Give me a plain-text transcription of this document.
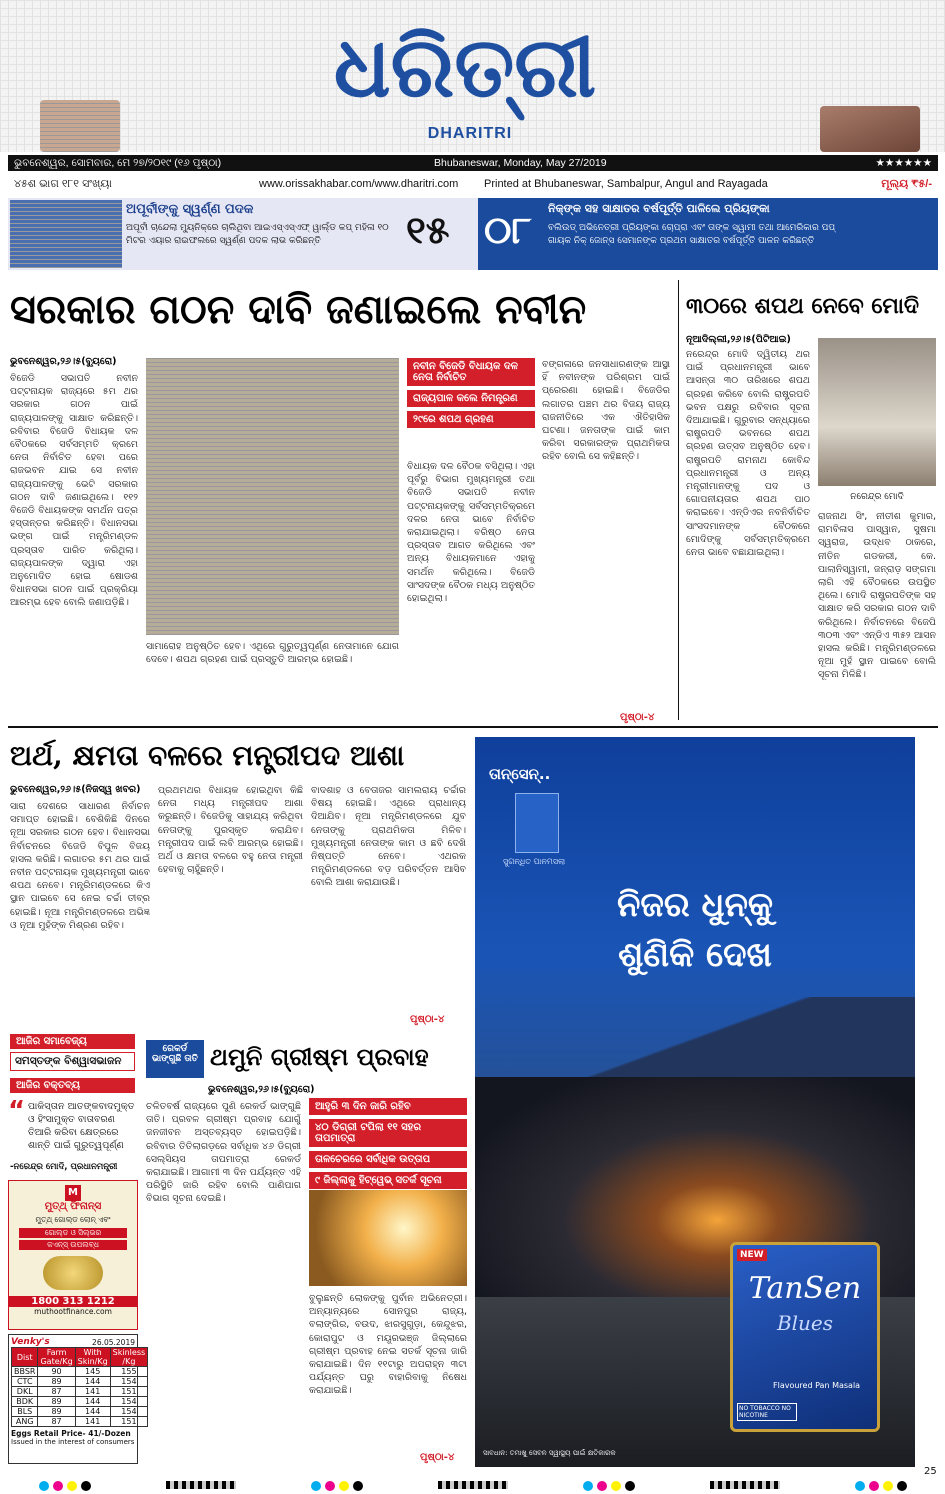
ଧରିତ୍ରୀ
DHARITRI
ଭୁବନେଶ୍ୱର, ସୋମବାର, ମେ ୨୭/୨୦୧୯ (୧୬ ପୃଷ୍ଠା)	Bhubaneswar, Monday, May 27/2019	★★★★★★
୪୫ଶ ଭାଗ ୧୮୧ ସଂଖ୍ୟା	www.orissakhabar.com/www.dharitri.com	Printed at Bhubaneswar, Sambalpur, Angul and Rayagada	ମୂଲ୍ୟ ₹୫/-
ଅପୂର୍ବୀଙ୍କୁ ସ୍ୱର୍ଣ୍ଣ ପଦକ
ଅପୂର୍ବୀ ଚାନ୍ଦେଲା ମ୍ୟୁନିକ୍‌ରେ ଚାଲିଥିବା ଆଇଏସ୍‌ଏସ୍‌ଏଫ୍ ୱାର୍ଲ୍ଡ କପ୍ ମହିଳା ୧୦ ମିଟର ଏୟାର ରାଇଫଲରେ ସ୍ୱର୍ଣ୍ଣ ପଦକ ଲାଭ କରିଛନ୍ତି	୧୫ ୦୮	ନିକ୍‌ଙ୍କ ସହ ସାକ୍ଷାତର ବର୍ଷପୂର୍ତ୍ତି ପାଳିଲେ ପ୍ରିୟଙ୍କା
ବଲିଉଡ୍ ଅଭିନେତ୍ରୀ ପ୍ରିୟଙ୍କା ଚୋପ୍ରା ଏବଂ ତାଙ୍କ ସ୍ୱାମୀ ତଥା ଆମେରିକାର ପପ୍ ଗାୟକ ନିକ୍ ଜୋନ୍ସ ସେମାନଙ୍କ ପ୍ରଥମ ସାକ୍ଷାତର ବର୍ଷପୂର୍ତ୍ତି ପାଳନ କରିଛନ୍ତି
ସରକାର ଗଠନ ଦାବି ଜଣାଇଲେ ନବୀନ
ଭୁବନେଶ୍ୱର,୨୬।୫(ବ୍ୟୁରୋ)
ବିଜେଡି ସଭାପତି ନବୀନ ପଟ୍ଟନାୟକ ରାଜ୍ୟରେ ୫ମ ଥର ସରକାର ଗଠନ ପାଇଁ ରାଜ୍ୟପାଳଙ୍କୁ ସାକ୍ଷାତ କରିଛନ୍ତି। ରବିବାର ବିଜେଡି ବିଧାୟକ ଦଳ ବୈଠକରେ ସର୍ବସମ୍ମତି କ୍ରମେ ନେତା ନିର୍ବାଚିତ ହେବା ପରେ ରାଜଭବନ ଯାଇ ସେ ନବୀନ ରାଜ୍ୟପାଳଙ୍କୁ ଭେଟି ସରକାର ଗଠନ ଦାବି ଜଣାଇଥିଲେ। ୧୧୨ ବିଜେଡି ବିଧାୟକଙ୍କ ସମର୍ଥନ ପତ୍ର ହସ୍ତାନ୍ତର କରିଛନ୍ତି। ବିଧାନସଭା ଭଙ୍ଗ ପାଇଁ ମନ୍ତ୍ରିମଣ୍ଡଳ ପ୍ରସ୍ତାବ ପାରିତ କରିଥିଲା। ରାଜ୍ୟପାଳଙ୍କ ଦ୍ୱାରା ଏହା ଅନୁମୋଦିତ ହୋଇ ଷୋଡଶ ବିଧାନସଭା ଗଠନ ପାଇଁ ପ୍ରକ୍ରିୟା ଆରମ୍ଭ ହେବ ବୋଲି ଜଣାପଡ଼ିଛି।
ନବୀନ ବିଜେଡି ବିଧାୟକ ଦଳ ନେତା ନିର୍ବାଚିତ
ରାଜ୍ୟପାଳ କଲେ ନିମନ୍ତ୍ରଣ
୨୯ରେ ଶପଥ ଗ୍ରହଣ
ବିଧାୟକ ଦଳ ବୈଠକ ବସିଥିଲା। ଏହା ପୂର୍ବରୁ ବିଭାଗ ମୁଖ୍ୟମନ୍ତ୍ରୀ ତଥା ବିଜେଡି ସଭାପତି ନବୀନ ପଟ୍ଟନାୟକଙ୍କୁ ସର୍ବସମ୍ମତିକ୍ରମେ ଦଳର ନେତା ଭାବେ ନିର୍ବାଚିତ କରାଯାଇଥିଲା। ବରିଷ୍ଠ ନେତା ପ୍ରସ୍ତାବ ଆଗତ କରିଥିଲେ ଏବଂ ଅନ୍ୟ ବିଧାୟକମାନେ ଏହାକୁ ସମର୍ଥନ କରିଥିଲେ। ବିଜେଡି ସାଂସଦଙ୍କ ବୈଠକ ମଧ୍ୟ ଅନୁଷ୍ଠିତ ହୋଇଥିଲା।
ସାମାରୋହ ଅନୁଷ୍ଠିତ ହେବ। ଏଥିରେ ଗୁରୁତ୍ୱପୂର୍ଣ୍ଣ ନେତାମାନେ ଯୋଗ ଦେବେ। ଶପଥ ଗ୍ରହଣ ପାଇଁ ପ୍ରସ୍ତୁତି ଆରମ୍ଭ ହୋଇଛି।
ବଙ୍ଗଳାରେ ଜନସାଧାରଣଙ୍କ ଆସ୍ଥା ହିଁ ନବୀନଙ୍କ ପରିଶ୍ରମ ପାଇଁ ପ୍ରେରଣା ହୋଇଛି। ବିଜେଡିର ଲଗାତର ପଞ୍ଚମ ଥର ବିଜୟ ରାଜ୍ୟ ରାଜନୀତିରେ ଏକ ଐତିହାସିକ ଘଟଣା। ଜନତାଙ୍କ ପାଇଁ କାମ କରିବା ସରକାରଙ୍କ ପ୍ରାଥମିକତା ରହିବ ବୋଲି ସେ କହିଛନ୍ତି।
ପୃଷ୍ଠା-୪
୩୦ରେ ଶପଥ ନେବେ ମୋଦି
ନୂଆଦିଲ୍ଲୀ,୨୬।୫(ପିଟିଆଇ)
ନରେନ୍ଦ୍ର ମୋଦି ଦ୍ୱିତୀୟ ଥର ପାଇଁ ପ୍ରଧାନମନ୍ତ୍ରୀ ଭାବେ ଆସନ୍ତା ୩୦ ତାରିଖରେ ଶପଥ ଗ୍ରହଣ କରିବେ ବୋଲି ରାଷ୍ଟ୍ରପତି ଭବନ ପକ୍ଷରୁ ରବିବାର ସୂଚନା ଦିଆଯାଇଛି। ଗୁରୁବାର ସନ୍ଧ୍ୟାରେ ରାଷ୍ଟ୍ରପତି ଭବନରେ ଶପଥ ଗ୍ରହଣ ଉତ୍ସବ ଅନୁଷ୍ଠିତ ହେବ। ରାଷ୍ଟ୍ରପତି ରାମନାଥ କୋବିନ୍ଦ ପ୍ରଧାନମନ୍ତ୍ରୀ ଓ ଅନ୍ୟ ମନ୍ତ୍ରୀମାନଙ୍କୁ ପଦ ଓ ଗୋପନୀୟତାର ଶପଥ ପାଠ କରାଇବେ। ଏନ୍‌ଡିଏର ନବନିର୍ବାଚିତ ସାଂସଦମାନଙ୍କ ବୈଠକରେ ମୋଦିଙ୍କୁ ସର୍ବସମ୍ମତିକ୍ରମେ ନେତା ଭାବେ ବଛାଯାଇଥିଲା।
ନରେନ୍ଦ୍ର ମୋଦି
ରାଜନାଥ ସିଂ, ନୀତୀଶ କୁମାର, ରାମବିଳାସ ପାସ୍‌ୱାନ, ସୁଷମା ସ୍ୱରାଜ, ଉଦ୍ଧବ ଠାକରେ, ନୀତିନ ଗଡକରୀ, କେ. ପାଲାନିସ୍ୱାମୀ, ଜନ୍‌ରାଡ଼ ସଙ୍ଗମା ଲାଗି ଏହି ବୈଠକରେ ଉପସ୍ଥିତ ଥିଲେ। ମୋଦି ରାଷ୍ଟ୍ରପତିଙ୍କ ସହ ସାକ୍ଷାତ କରି ସରକାର ଗଠନ ଦାବି କରିଥିଲେ। ନିର୍ବାଚନରେ ବିଜେପି ୩୦୩ ଏବଂ ଏନ୍‌ଡିଏ ୩୫୨ ଆସନ ହାସଲ କରିଛି। ମନ୍ତ୍ରିମଣ୍ଡଳରେ ନୂଆ ମୁହଁ ସ୍ଥାନ ପାଇବେ ବୋଲି ସୂଚନା ମିଳିଛି।
ଅର୍ଥ, କ୍ଷମତା ବଳରେ ମନ୍ତ୍ରୀପଦ ଆଶା
ଭୁବନେଶ୍ୱର,୨୬।୫(ନିଜସ୍ୱ ଖବର)
ସାରା ଦେଶରେ ସାଧାରଣ ନିର୍ବାଚନ ସମାପ୍ତ ହୋଇଛି। ବେଶିକିଛି ଦିନରେ ନୂଆ ସରକାର ଗଠନ ହେବ। ବିଧାନସଭା ନିର୍ବାଚନରେ ବିଜେଡି ବିପୁଳ ବିଜୟ ହାସଲ କରିଛି। ଲଗାତର ୫ମ ଥର ପାଇଁ ନବୀନ ପଟ୍ଟନାୟକ ମୁଖ୍ୟମନ୍ତ୍ରୀ ଭାବେ ଶପଥ ନେବେ। ମନ୍ତ୍ରିମଣ୍ଡଳରେ କିଏ ସ୍ଥାନ ପାଇବେ ସେ ନେଇ ଚର୍ଚ୍ଚା ତୀବ୍ର ହୋଇଛି। ନୂଆ ମନ୍ତ୍ରିମଣ୍ଡଳରେ ଅଭିଜ୍ଞ ଓ ନୂଆ ମୁହଁଙ୍କ ମିଶ୍ରଣ ରହିବ।
ପ୍ରଥମଥର ବିଧାୟକ ହୋଇଥିବା କିଛି ନେତା ମଧ୍ୟ ମନ୍ତ୍ରୀପଦ ଆଶା କରୁଛନ୍ତି। ବିଜେଡିକୁ ସାହାଯ୍ୟ କରିଥିବା ନେତାଙ୍କୁ ପୁରସ୍କୃତ କରାଯିବ। ମନ୍ତ୍ରୀପଦ ପାଇଁ ଲବି ଆରମ୍ଭ ହୋଇଛି। ଅର୍ଥ ଓ କ୍ଷମତା ବଳରେ ବହୁ ନେତା ମନ୍ତ୍ରୀ ହେବାକୁ ଚାହୁଁଛନ୍ତି।
ବାଦଶାହ ଓ ବେତାଜର ସାମଲରାୟ ଚର୍ଚ୍ଚାର ବିଷୟ ହୋଇଛି। ଏଥିରେ ପ୍ରାଧାନ୍ୟ ଦିଆଯିବ। ନୂଆ ମନ୍ତ୍ରିମଣ୍ଡଳରେ ଯୁବ ନେତାଙ୍କୁ ପ୍ରାଥମିକତା ମିଳିବ। ମୁଖ୍ୟମନ୍ତ୍ରୀ ନେତାଙ୍କ କାମ ଓ ଛବି ଦେଖି ନିଷ୍ପତ୍ତି ନେବେ। ଏଥରକ ମନ୍ତ୍ରିମଣ୍ଡଳରେ ବଡ଼ ପରିବର୍ତ୍ତନ ଆସିବ ବୋଲି ଆଶା କରାଯାଉଛି।
ପୃଷ୍ଠା-୪
ଆଜିର ସମାବେଜ୍ୟ
ସମସ୍ତଙ୍କ ବିଶ୍ୱାସଭାଜନ
ଆଜିର ବକ୍ତବ୍ୟ
“ ପାକିସ୍ତାନ ଆତଙ୍କବାଦମୁକ୍ତ ଓ ହିଂସାମୁକ୍ତ ବାତାବରଣ ତିଆରି କରିବା କ୍ଷେତ୍ରରେ ଶାନ୍ତି ପାଇଁ ଗୁରୁତ୍ୱପୂର୍ଣ୍ଣ
-ନରେନ୍ଦ୍ର ମୋଦି, ପ୍ରଧାନମନ୍ତ୍ରୀ
M
ମୁତ୍‌ଥ୍‌ ଫିନାନ୍ସ
ମୁତ୍‌ଥ୍‌ ଗୋଲ୍ଡ ଲୋନ୍ ଏବଂ
ଗୋଲ୍ଡ ଓ ସିଲ୍‌ଭର
କଏନ୍‌ସ୍ ଉପଲବ୍ଧ
1800 313 1212
muthootfinance.com
Venky's	26.05.2019
Dist	Farm Gate/Kg	With Skin/Kg	Skinless /Kg
BBSR	90	145	155
CTC	89	144	154
DKL	87	141	151
BDK	89	144	154
BLS	89	144	154
ANG	87	141	151
Eggs Retail Price- 41/-Dozen
Issued in the interest of consumers
ରେକର୍ଡ
ଭାଙ୍ଗୁଛି ତାତି ଥମୁନି ଗ୍ରୀଷ୍ମ ପ୍ରବାହ
ଭୁବନେଶ୍ୱର,୨୬।୫(ବ୍ୟୁରୋ)
ଚଳିତବର୍ଷ ରାଜ୍ୟରେ ପୁଣି ରେକର୍ଡ ଭାଙ୍ଗୁଛି ତାତି। ପ୍ରବଳ ଗ୍ରୀଷ୍ମ ପ୍ରବାହ ଯୋଗୁଁ ଜନଜୀବନ ଅସ୍ତବ୍ୟସ୍ତ ହୋଇପଡ଼ିଛି। ରବିବାର ତିତିଲାଗଡ଼ରେ ସର୍ବାଧିକ ୪୬ ଡିଗ୍ରୀ ସେଲ୍‌ସିୟସ ତାପମାତ୍ରା ରେକର୍ଡ କରାଯାଇଛି। ଆଗାମୀ ୩ ଦିନ ପର୍ଯ୍ୟନ୍ତ ଏହି ପରିସ୍ଥିତି ଜାରି ରହିବ ବୋଲି ପାଣିପାଗ ବିଭାଗ ସୂଚନା ଦେଇଛି।
ଆହୁରି ୩ ଦିନ ଜାରି ରହିବ
୪୦ ଡିଗ୍ରୀ ଟପିଲା ୧୧ ସହର ତାପମାତ୍ରା
ତାଳଚେରରେ ସର୍ବାଧିକ ଉତ୍ତାପ
୯ ଜିଲ୍ଲାକୁ ହିଟ୍‌ୱେଭ୍ ସତର୍କ ସୂଚନା
ବୁଲୁଛନ୍ତି ଲୋକଙ୍କୁ ପୁର୍ବାନ ଅଭିନେତ୍ରୀ। ଅନ୍ୟାନ୍ୟରେ ସୋନପୁର ରାଜ୍ୟ, ବଲାଙ୍ଗିର, ବଉଦ, ଝାରସୁଗୁଡ଼ା, କେନ୍ଦୁଝର, କୋରାପୁଟ ଓ ମୟୂରଭଞ୍ଜ ଜିଲ୍ଲାରେ ଗ୍ରୀଷ୍ମ ପ୍ରବାହ ନେଇ ସତର୍କ ସୂଚନା ଜାରି କରାଯାଇଛି। ଦିନ ୧୧ଟାରୁ ଅପରାହ୍ନ ୩ଟା ପର୍ଯ୍ୟନ୍ତ ଘରୁ ବାହାରିବାକୁ ନିଷେଧ କରାଯାଇଛି।
ପୃଷ୍ଠା-୪
ତାନ୍‌ସେନ୍..
ସୁଗନ୍ଧିତ ପାନମସଲା
ନିଜର ଧୁନ୍‌କୁ
ଶୁଣିକି ଦେଖ
NEW
TanSen
Blues
Flavoured Pan Masala
NO TOBACCO NO NICOTINE
ସାବଧାନ: ତମାଖୁ ସେବନ ସ୍ୱାସ୍ଥ୍ୟ ପାଇଁ କ୍ଷତିକାରକ
25
